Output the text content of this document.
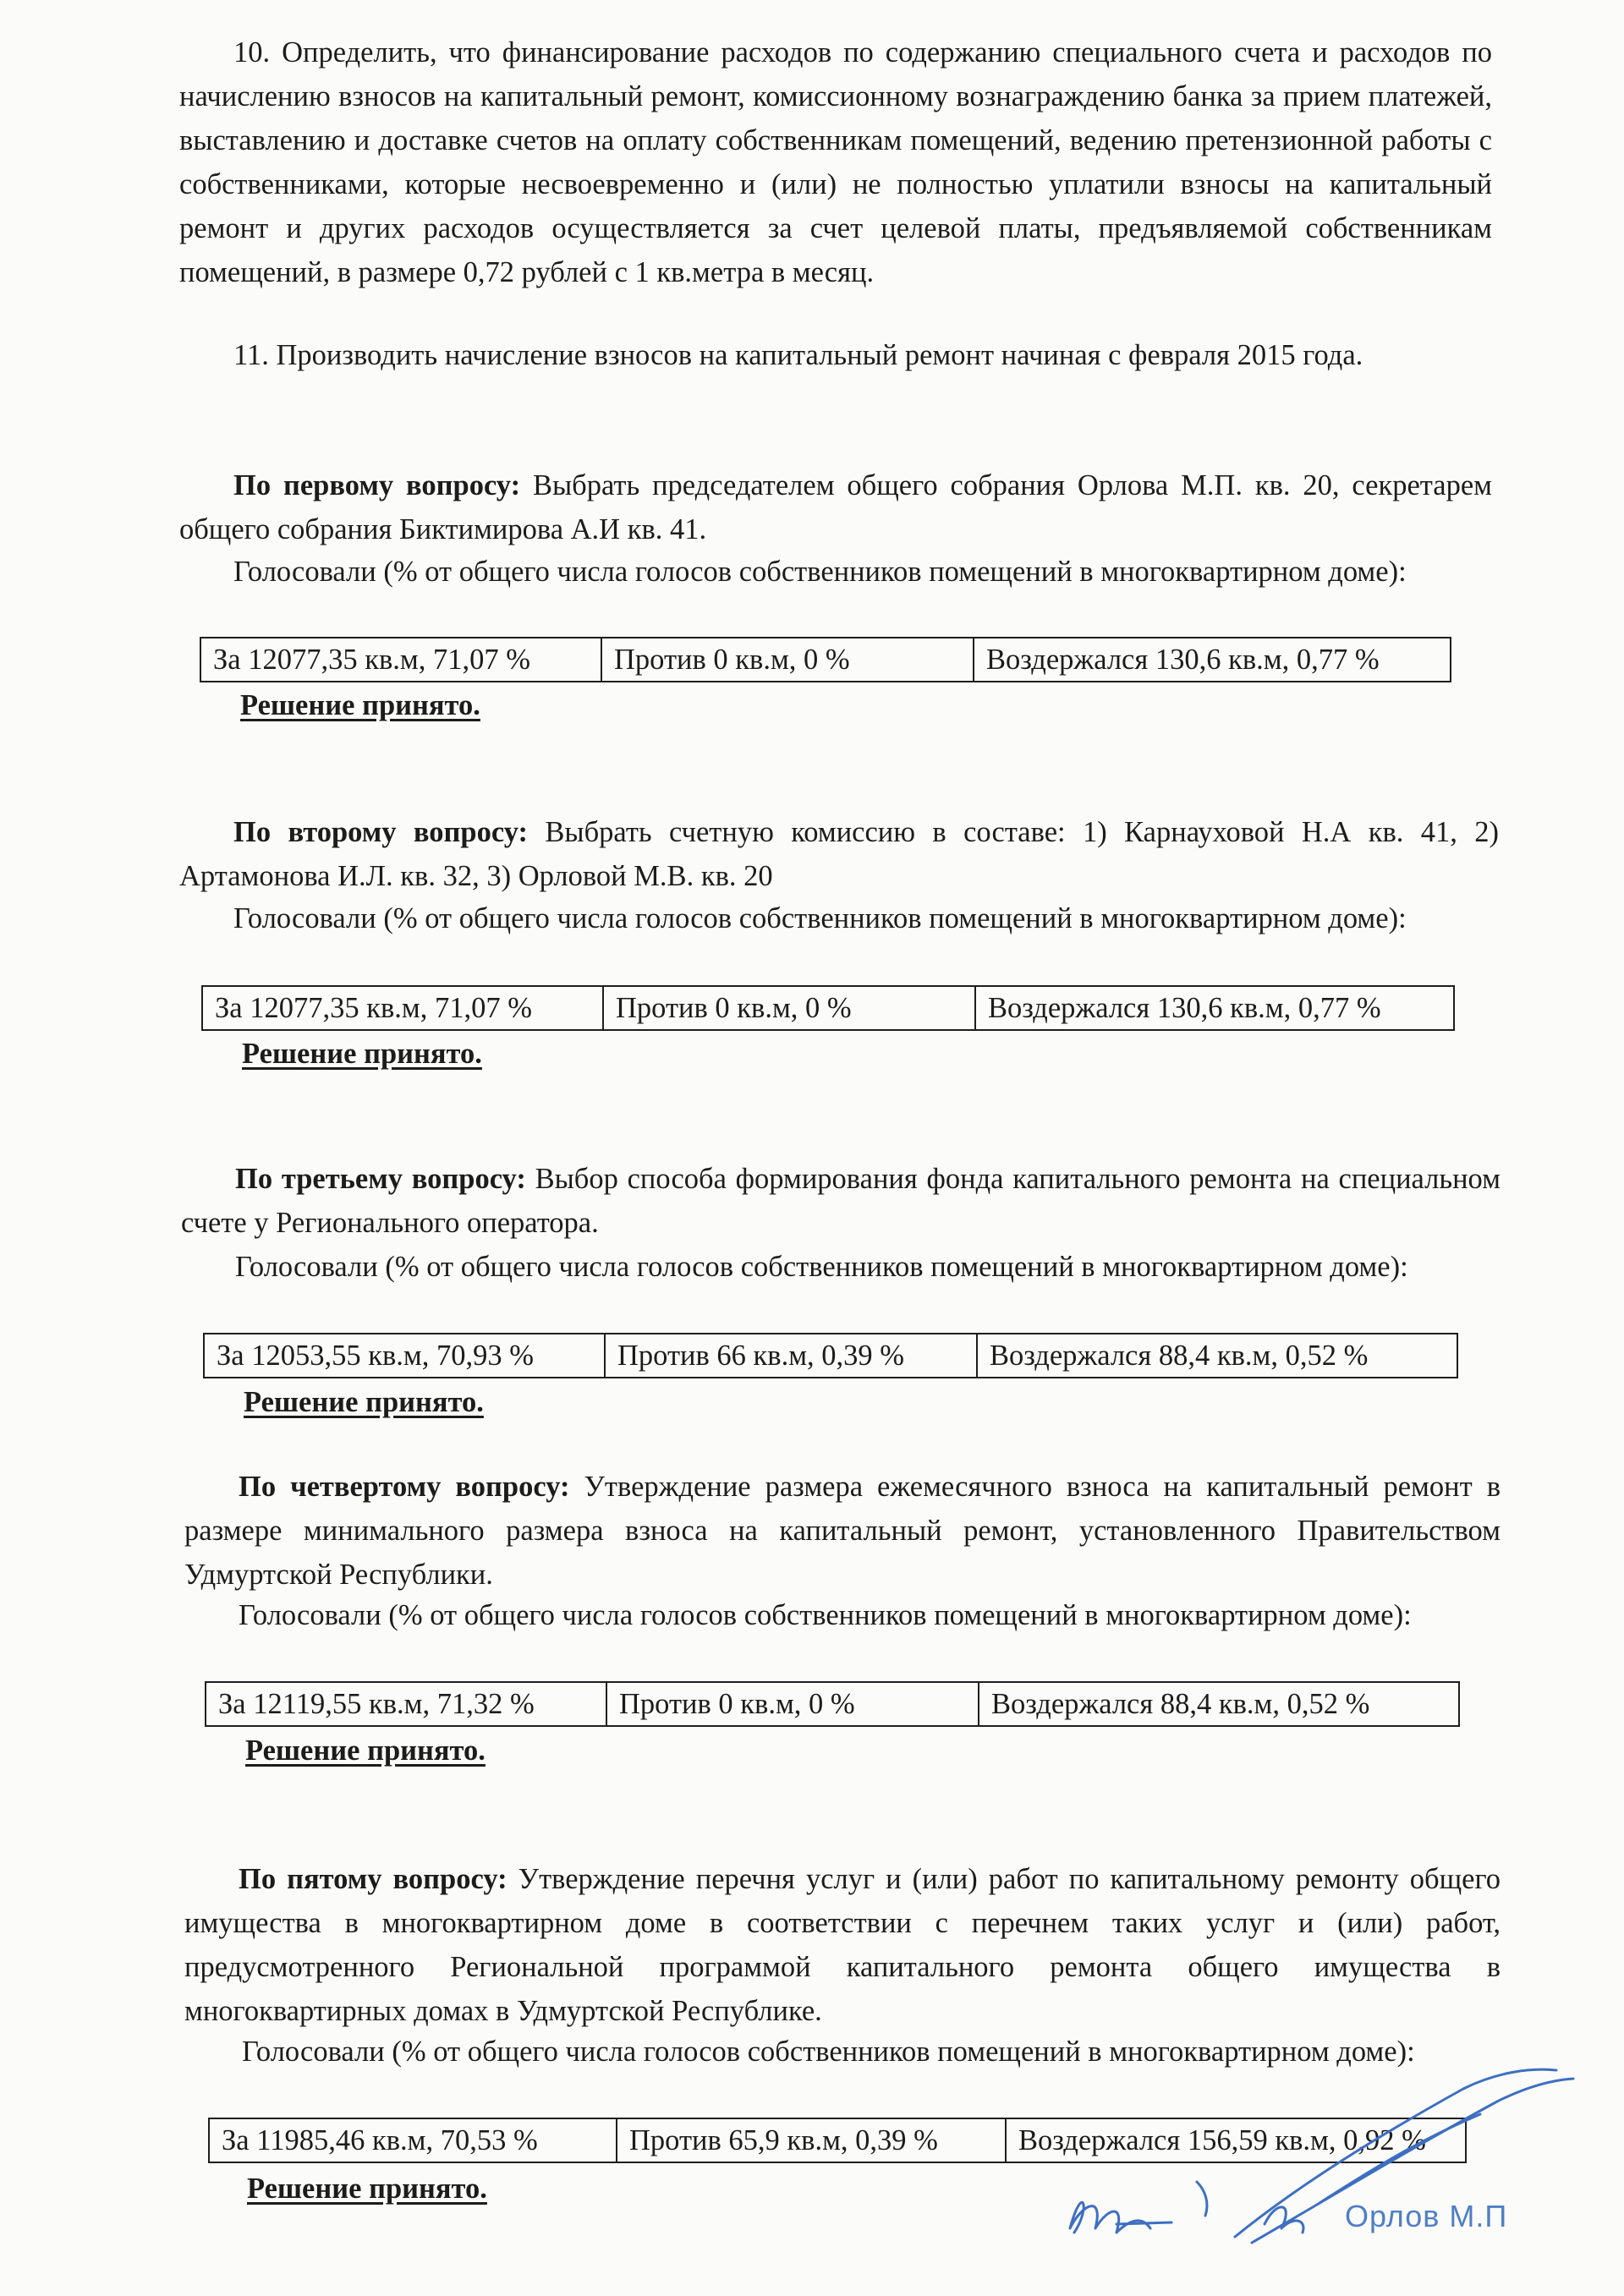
10. Определить, что финансирование расходов по содержанию специального счета и расходов по начислению взносов на капитальный ремонт, комиссионному вознаграждению банка за прием платежей, выставлению и доставке счетов на оплату собственникам помещений, ведению претензионной работы с собственниками, которые несвоевременно и (или) не полностью уплатили взносы на капитальный ремонт и других расходов осуществляется за счет целевой платы, предъявляемой собственникам помещений, в размере 0,72 рублей с 1 кв.метра в месяц.

11. Производить начисление взносов на капитальный ремонт начиная с февраля 2015 года.

По первому вопросу: Выбрать председателем общего собрания Орлова М.П. кв. 20, секретарем общего собрания Биктимирова А.И кв. 41.

Голосовали (% от общего числа голосов собственников помещений в многоквартирном доме):

За 12077,35 кв.м, 71,07 %	Против 0 кв.м, 0 %	Воздержался 130,6 кв.м, 0,77 %

Решение принято.

По второму вопросу: Выбрать счетную комиссию в составе: 1) Карнауховой Н.А кв. 41, 2) Артамонова И.Л. кв. 32, 3) Орловой М.В. кв. 20

Голосовали (% от общего числа голосов собственников помещений в многоквартирном доме):

За 12077,35 кв.м, 71,07 %	Против 0 кв.м, 0 %	Воздержался 130,6 кв.м, 0,77 %

Решение принято.

По третьему вопросу: Выбор способа формирования фонда капитального ремонта на специальном счете у Регионального оператора.

Голосовали (% от общего числа голосов собственников помещений в многоквартирном доме):

За 12053,55 кв.м, 70,93 %	Против 66 кв.м, 0,39 %	Воздержался 88,4 кв.м, 0,52 %

Решение принято.

По четвертому вопросу: Утверждение размера ежемесячного взноса на капитальный ремонт в размере минимального размера взноса на капитальный ремонт, установленного Правительством Удмуртской Республики.

Голосовали (% от общего числа голосов собственников помещений в многоквартирном доме):

За 12119,55 кв.м, 71,32 %	Против 0 кв.м, 0 %	Воздержался 88,4 кв.м, 0,52 %

Решение принято.

По пятому вопросу: Утверждение перечня услуг и (или) работ по капитальному ремонту общего имущества в многоквартирном доме в соответствии с перечнем таких услуг и (или) работ, предусмотренного Региональной программой капитального ремонта общего имущества в многоквартирных домах в Удмуртской Республике.

Голосовали (% от общего числа голосов собственников помещений в многоквартирном доме):

За 11985,46 кв.м, 70,53 %	Против 65,9 кв.м, 0,39 %	Воздержался 156,59 кв.м, 0,92 %

Решение принято.

Орлов М.П
